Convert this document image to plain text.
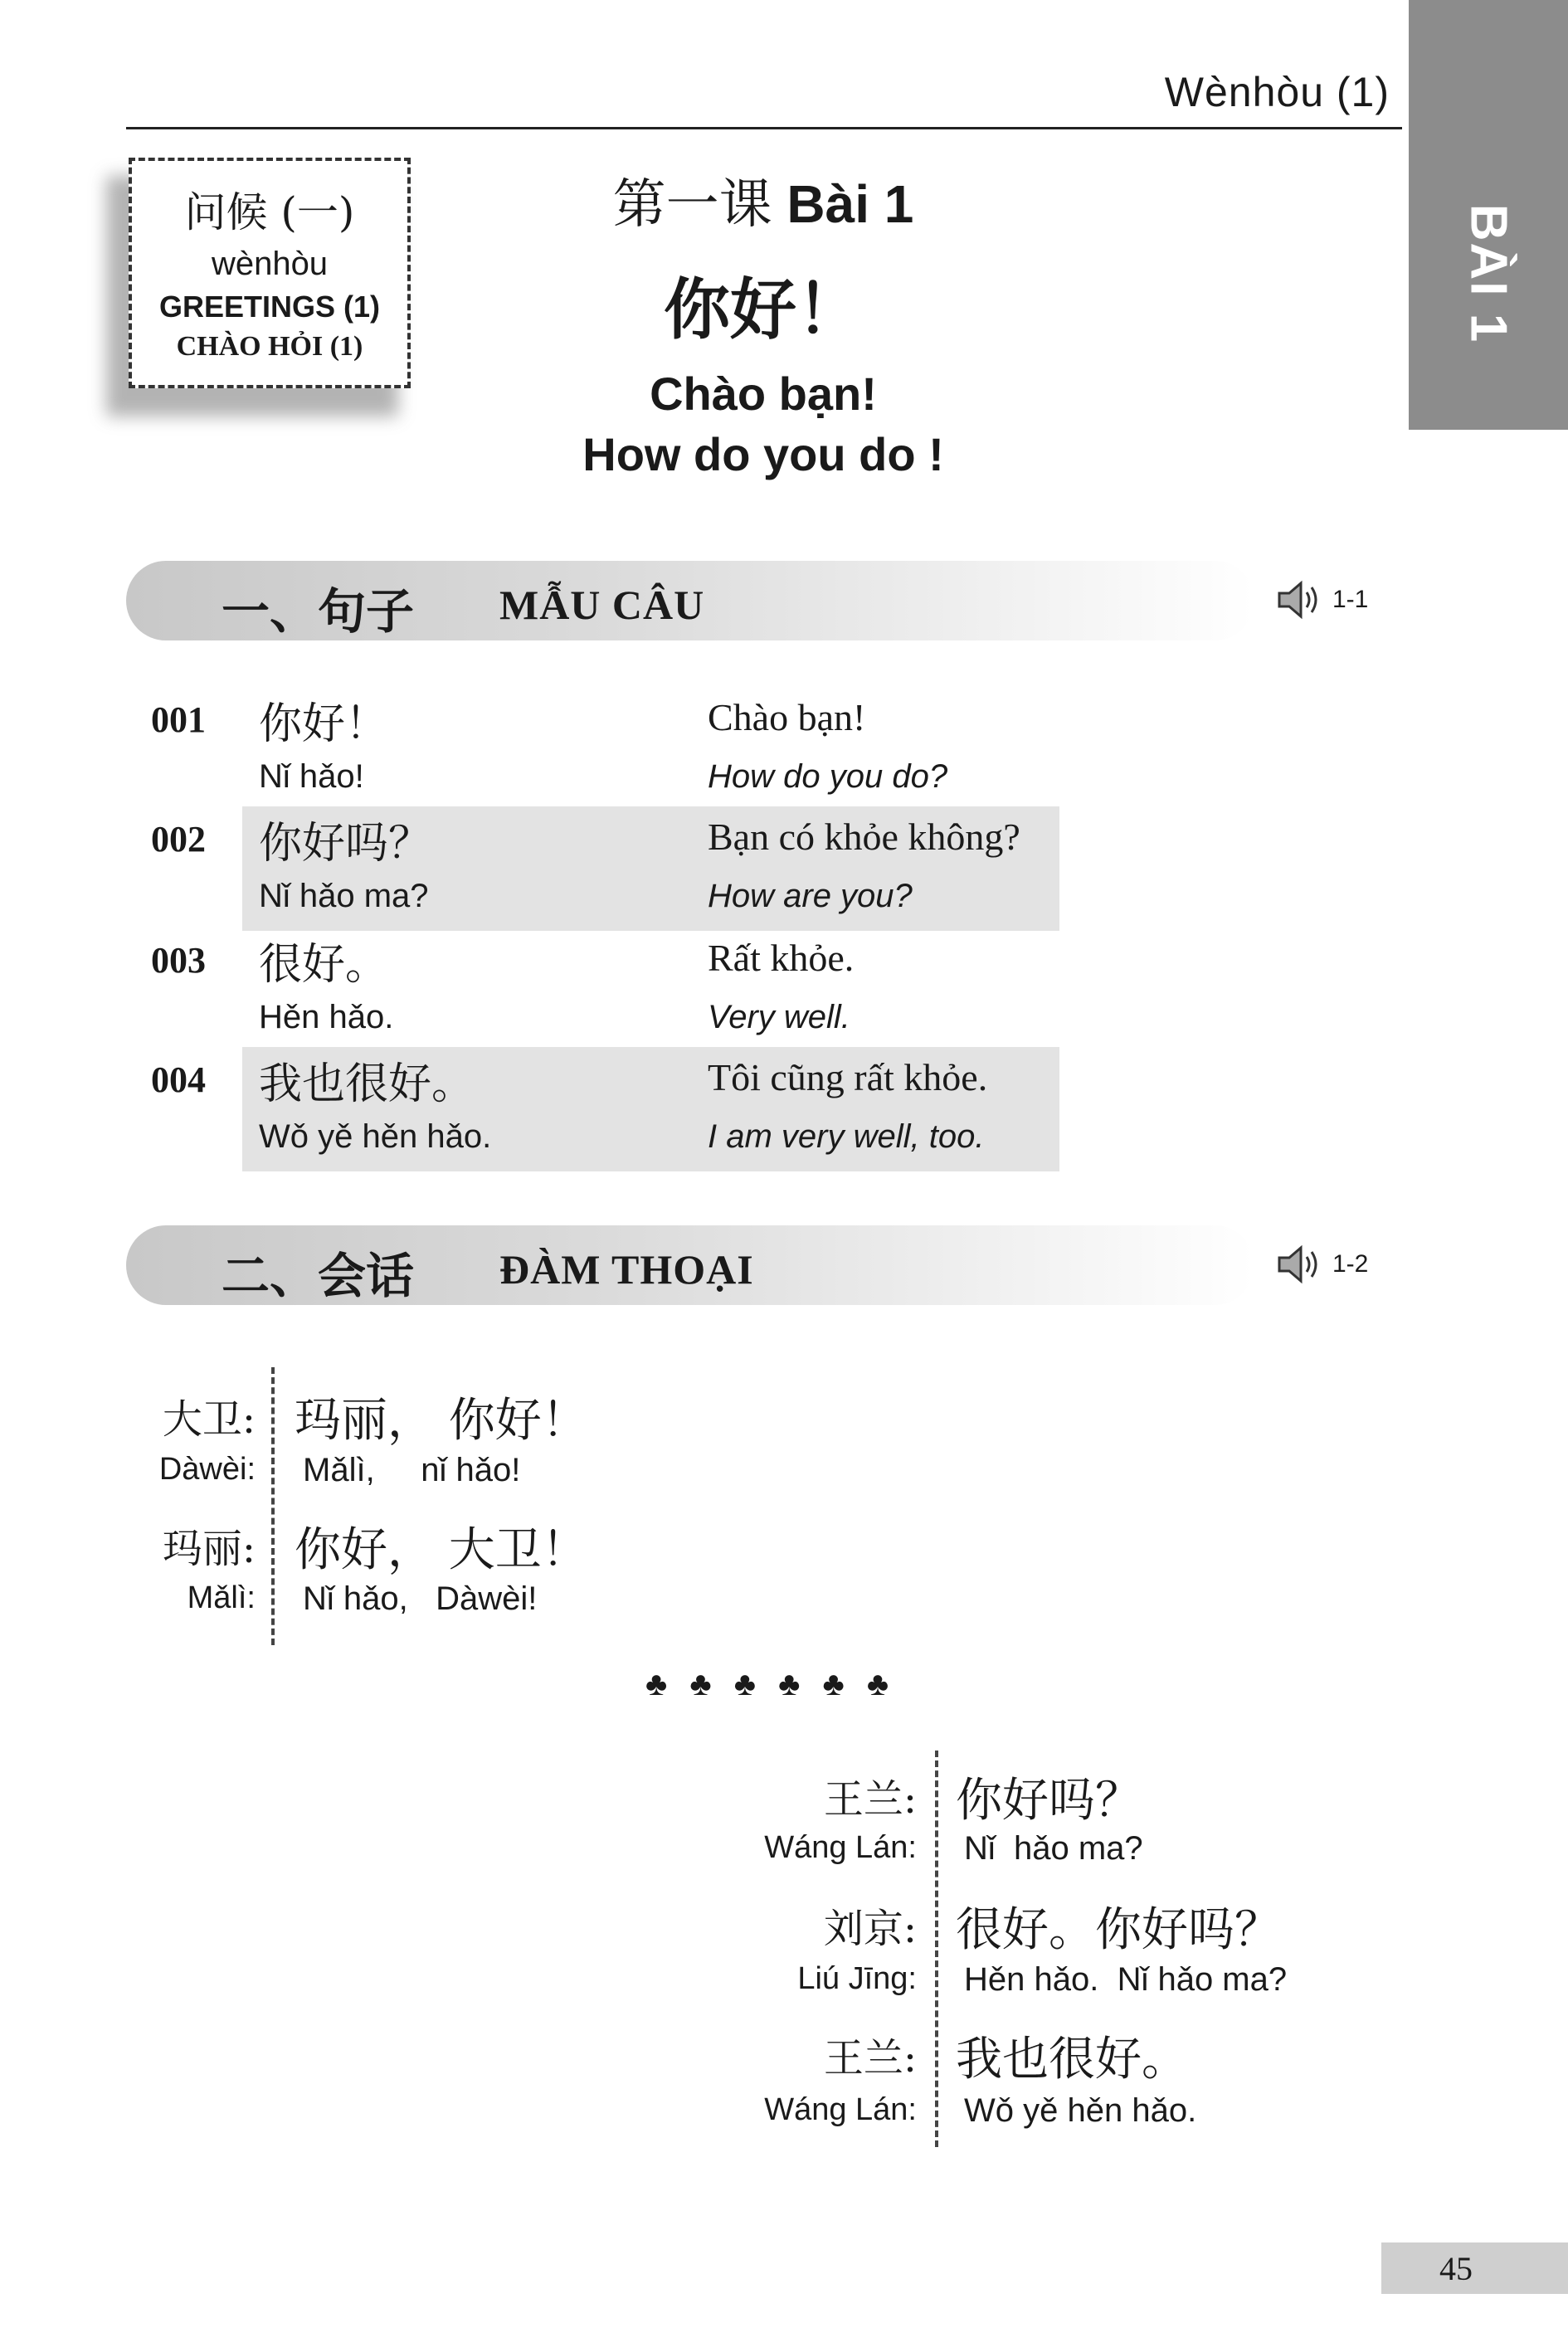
Wènhòu (1)
BÀI 1
问候 (一)
wènhòu
GREETINGS (1)
CHÀO HỎI (1)
第一课 Bài 1
你好！
Chào bạn!
How do you do !
一、句子 MẪU CÂU	1-1
001 你好！
Nǐ hǎo!
Chào bạn!
How do you do?
002 你好吗？
Nǐ hǎo ma?
Bạn có khỏe không?
How are you?
003 很好。
Hěn hǎo.
Rất khỏe.
Very well.
004 我也很好。
Wǒ yě hěn hǎo.
Tôi cũng rất khỏe.
I am very well, too.
二、会话 ĐÀM THOẠI	1-2
大卫:
Dàwèi:
玛丽， 你好！
Mǎlì,     nǐ hǎo!
玛丽:
Mǎlì:
你好， 大卫！
Nǐ hǎo,   Dàwèi!
♣ ♣ ♣ ♣ ♣ ♣
王兰:
Wáng Lán:
你好吗？
Nǐ  hǎo ma?
刘京:
Liú Jīng:
很好。你好吗？
Hěn hǎo.  Nǐ hǎo ma?
王兰:
Wáng Lán:
我也很好。
Wǒ yě hěn hǎo.
45
